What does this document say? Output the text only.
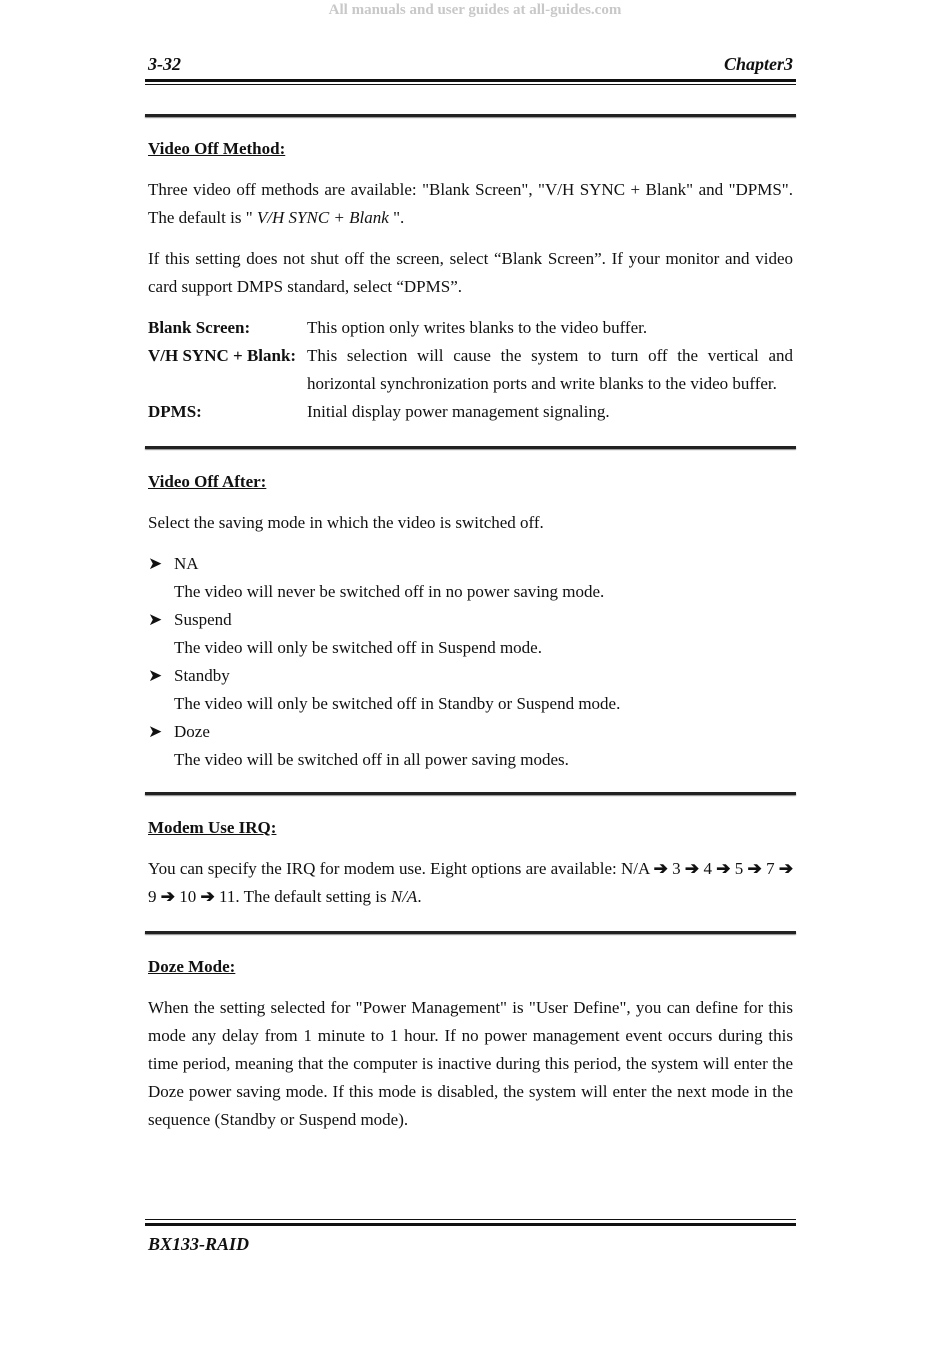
All manuals and user guides at all-guides.com
3-32	Chapter3

Video Off Method:

Three video off methods are available: "Blank Screen", "V/H SYNC + Blank" and "DPMS". The default is " V/H SYNC + Blank ".

If this setting does not shut off the screen, select “Blank Screen”. If your monitor and video card support DMPS standard, select “DPMS”.

Blank Screen:	This option only writes blanks to the video buffer.
V/H SYNC + Blank: This selection will cause the system to turn off the vertical and horizontal synchronization ports and write blanks to the video buffer.
DPMS:	Initial display power management signaling.

Video Off After:

Select the saving mode in which the video is switched off.

➤ NA
The video will never be switched off in no power saving mode.
➤ Suspend
The video will only be switched off in Suspend mode.
➤ Standby
The video will only be switched off in Standby or Suspend mode.
➤ Doze
The video will be switched off in all power saving modes.

Modem Use IRQ:

You can specify the IRQ for modem use. Eight options are available: N/A ➔ 3 ➔ 4 ➔ 5 ➔ 7 ➔ 9 ➔ 10 ➔ 11. The default setting is N/A.

Doze Mode:

When the setting selected for "Power Management" is "User Define", you can define for this mode any delay from 1 minute to 1 hour. If no power management event occurs during this time period, meaning that the computer is inactive during this period, the system will enter the Doze power saving mode. If this mode is disabled, the system will enter the next mode in the sequence (Standby or Suspend mode).

BX133-RAID
